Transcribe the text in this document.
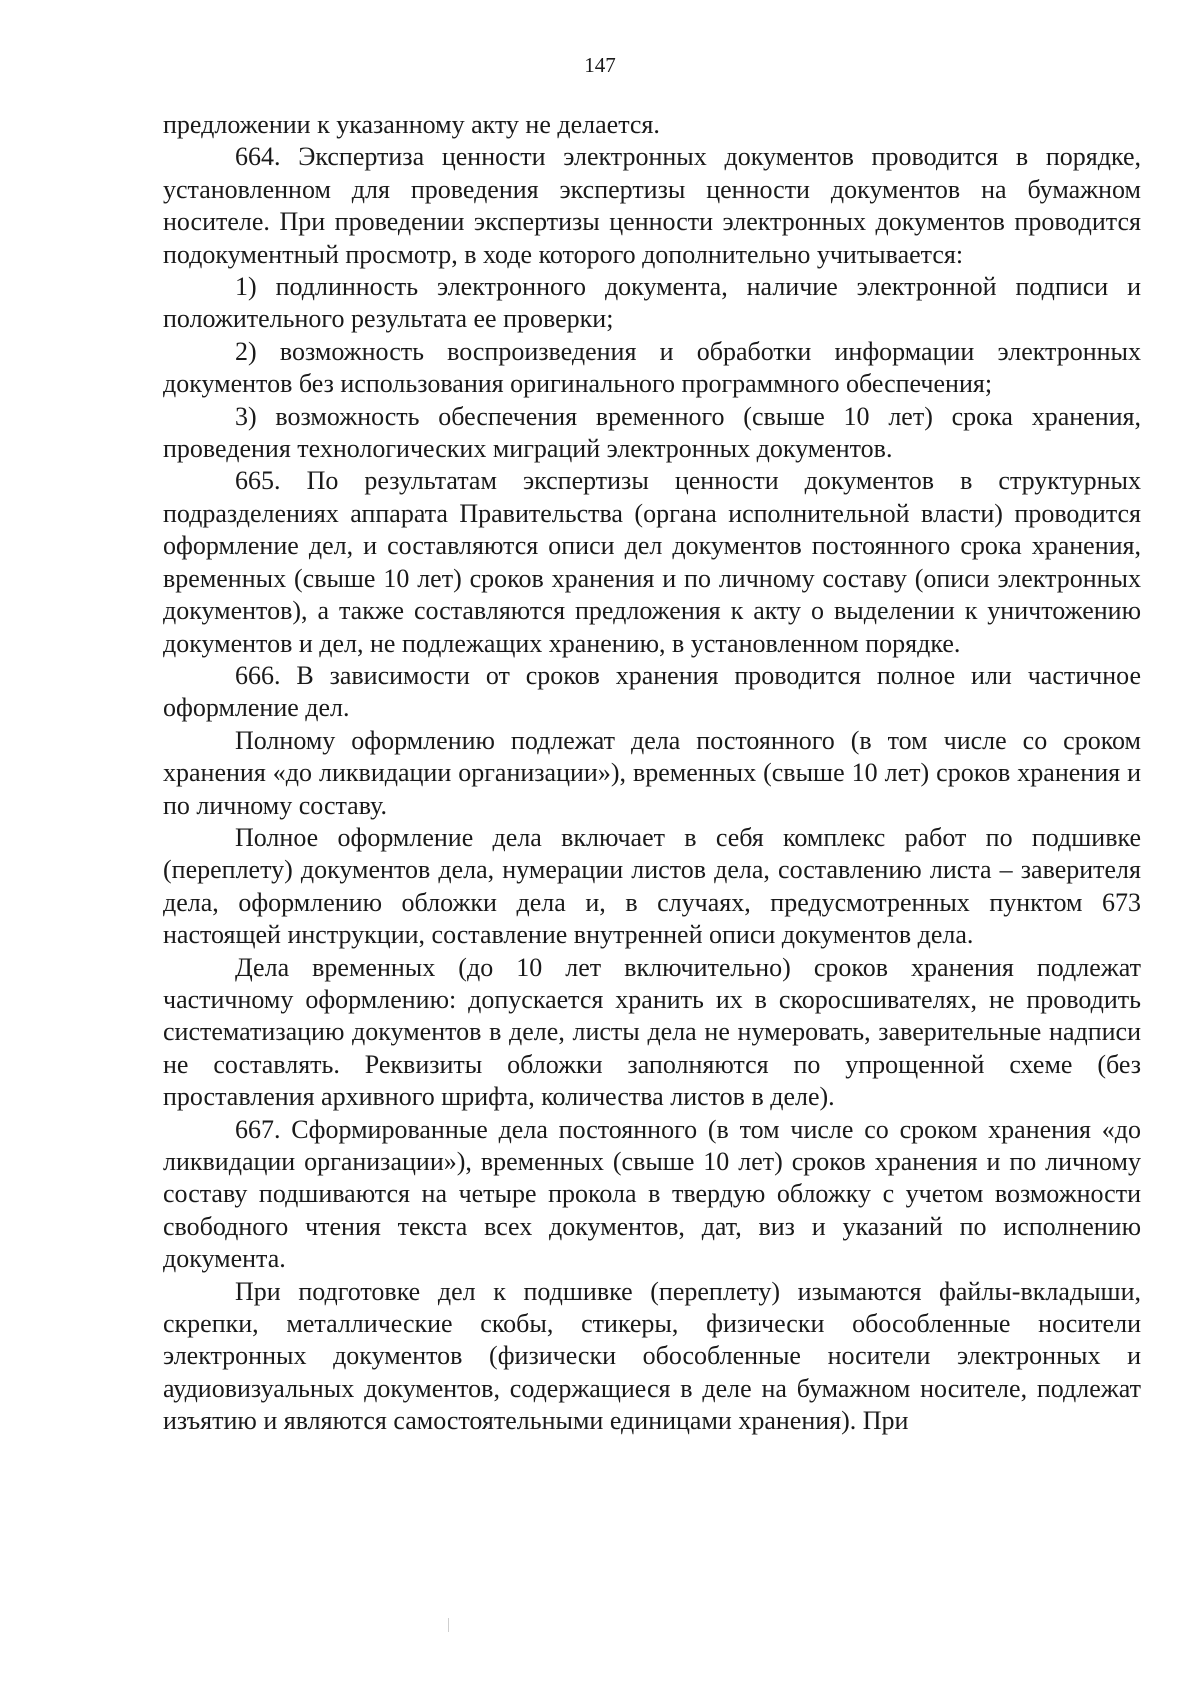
147

предложении к указанному акту не делается.

664. Экспертиза ценности электронных документов проводится в порядке, установленном для проведения экспертизы ценности документов на бумажном носителе. При проведении экспертизы ценности электронных документов проводится подокументный просмотр, в ходе которого дополнительно учитывается:

1) подлинность электронного документа, наличие электронной подписи и положительного результата ее проверки;

2) возможность воспроизведения и обработки информации электронных документов без использования оригинального программного обеспечения;

3) возможность обеспечения временного (свыше 10 лет) срока хранения, проведения технологических миграций электронных документов.

665. По результатам экспертизы ценности документов в структурных подразделениях аппарата Правительства (органа исполнительной власти) проводится оформление дел, и составляются описи дел документов постоянного срока хранения, временных (свыше 10 лет) сроков хранения и по личному составу (описи электронных документов), а также составляются предложения к акту о выделении к уничтожению документов и дел, не подлежащих хранению, в установленном порядке.

666. В зависимости от сроков хранения проводится полное или частичное оформление дел.

Полному оформлению подлежат дела постоянного (в том числе со сроком хранения «до ликвидации организации»), временных (свыше 10 лет) сроков хранения и по личному составу.

Полное оформление дела включает в себя комплекс работ по подшивке (переплету) документов дела, нумерации листов дела, составлению листа – заверителя дела, оформлению обложки дела и, в случаях, предусмотренных пунктом 673 настоящей инструкции, составление внутренней описи документов дела.

Дела временных (до 10 лет включительно) сроков хранения подлежат частичному оформлению: допускается хранить их в скоросшивателях, не проводить систематизацию документов в деле, листы дела не нумеровать, заверительные надписи не составлять. Реквизиты обложки заполняются по упрощенной схеме (без проставления архивного шрифта, количества листов в деле).

667. Сформированные дела постоянного (в том числе со сроком хранения «до ликвидации организации»), временных (свыше 10 лет) сроков хранения и по личному составу подшиваются на четыре прокола в твердую обложку с учетом возможности свободного чтения текста всех документов, дат, виз и указаний по исполнению документа.

При подготовке дел к подшивке (переплету) изымаются файлы-вкладыши, скрепки, металлические скобы, стикеры, физически обособленные носители электронных документов (физически обособленные носители электронных и аудиовизуальных документов, содержащиеся в деле на бумажном носителе, подлежат изъятию и являются самостоятельными единицами хранения). При
